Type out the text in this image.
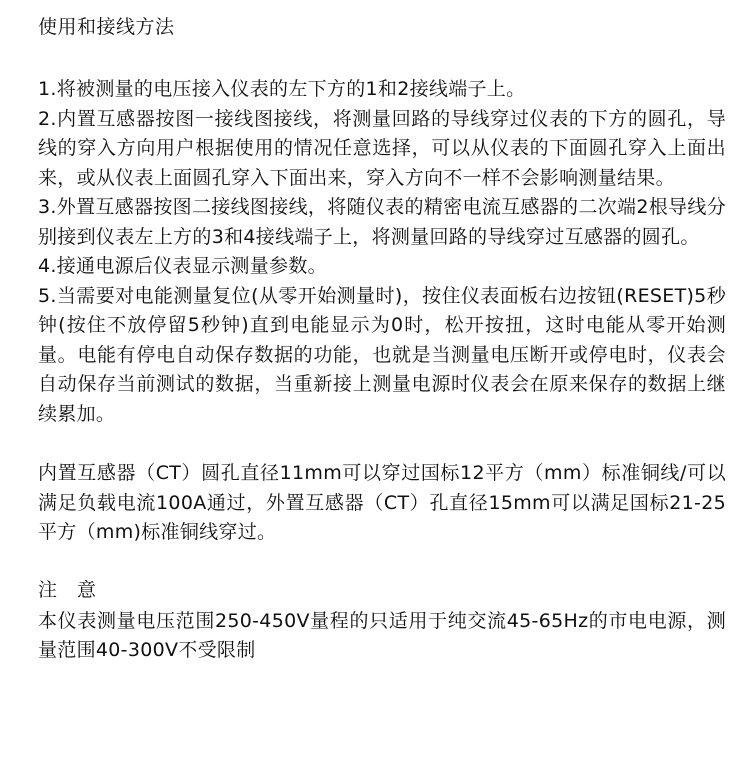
使用和接线方法

1.将被测量的电压接入仪表的左下方的1和2接线端子上。

2.内置互感器按图一接线图接线，将测量回路的导线穿过仪表的下方的圆孔，导线的穿入方向用户根据使用的情况任意选择，可以从仪表的下面圆孔穿入上面出来，或从仪表上面圆孔穿入下面出来，穿入方向不一样不会影响测量结果。

3.外置互感器按图二接线图接线，将随仪表的精密电流互感器的二次端2根导线分别接到仪表左上方的3和4接线端子上，将测量回路的导线穿过互感器的圆孔。

4.接通电源后仪表显示测量参数。

5.当需要对电能测量复位(从零开始测量时)，按住仪表面板右边按钮(RESET)5秒钟(按住不放停留5秒钟)直到电能显示为0时，松开按扭，这时电能从零开始测量。电能有停电自动保存数据的功能，也就是当测量电压断开或停电时，仪表会自动保存当前测试的数据，当重新接上测量电源时仪表会在原来保存的数据上继续累加。

内置互感器（CT）圆孔直径11mm可以穿过国标12平方（mm）标准铜线/可以满足负载电流100A通过，外置互感器（CT）孔直径15mm可以满足国标21-25平方（mm)标准铜线穿过。

注　意

本仪表测量电压范围250-450V量程的只适用于纯交流45-65Hz的市电电源，测量范围40-300V不受限制
